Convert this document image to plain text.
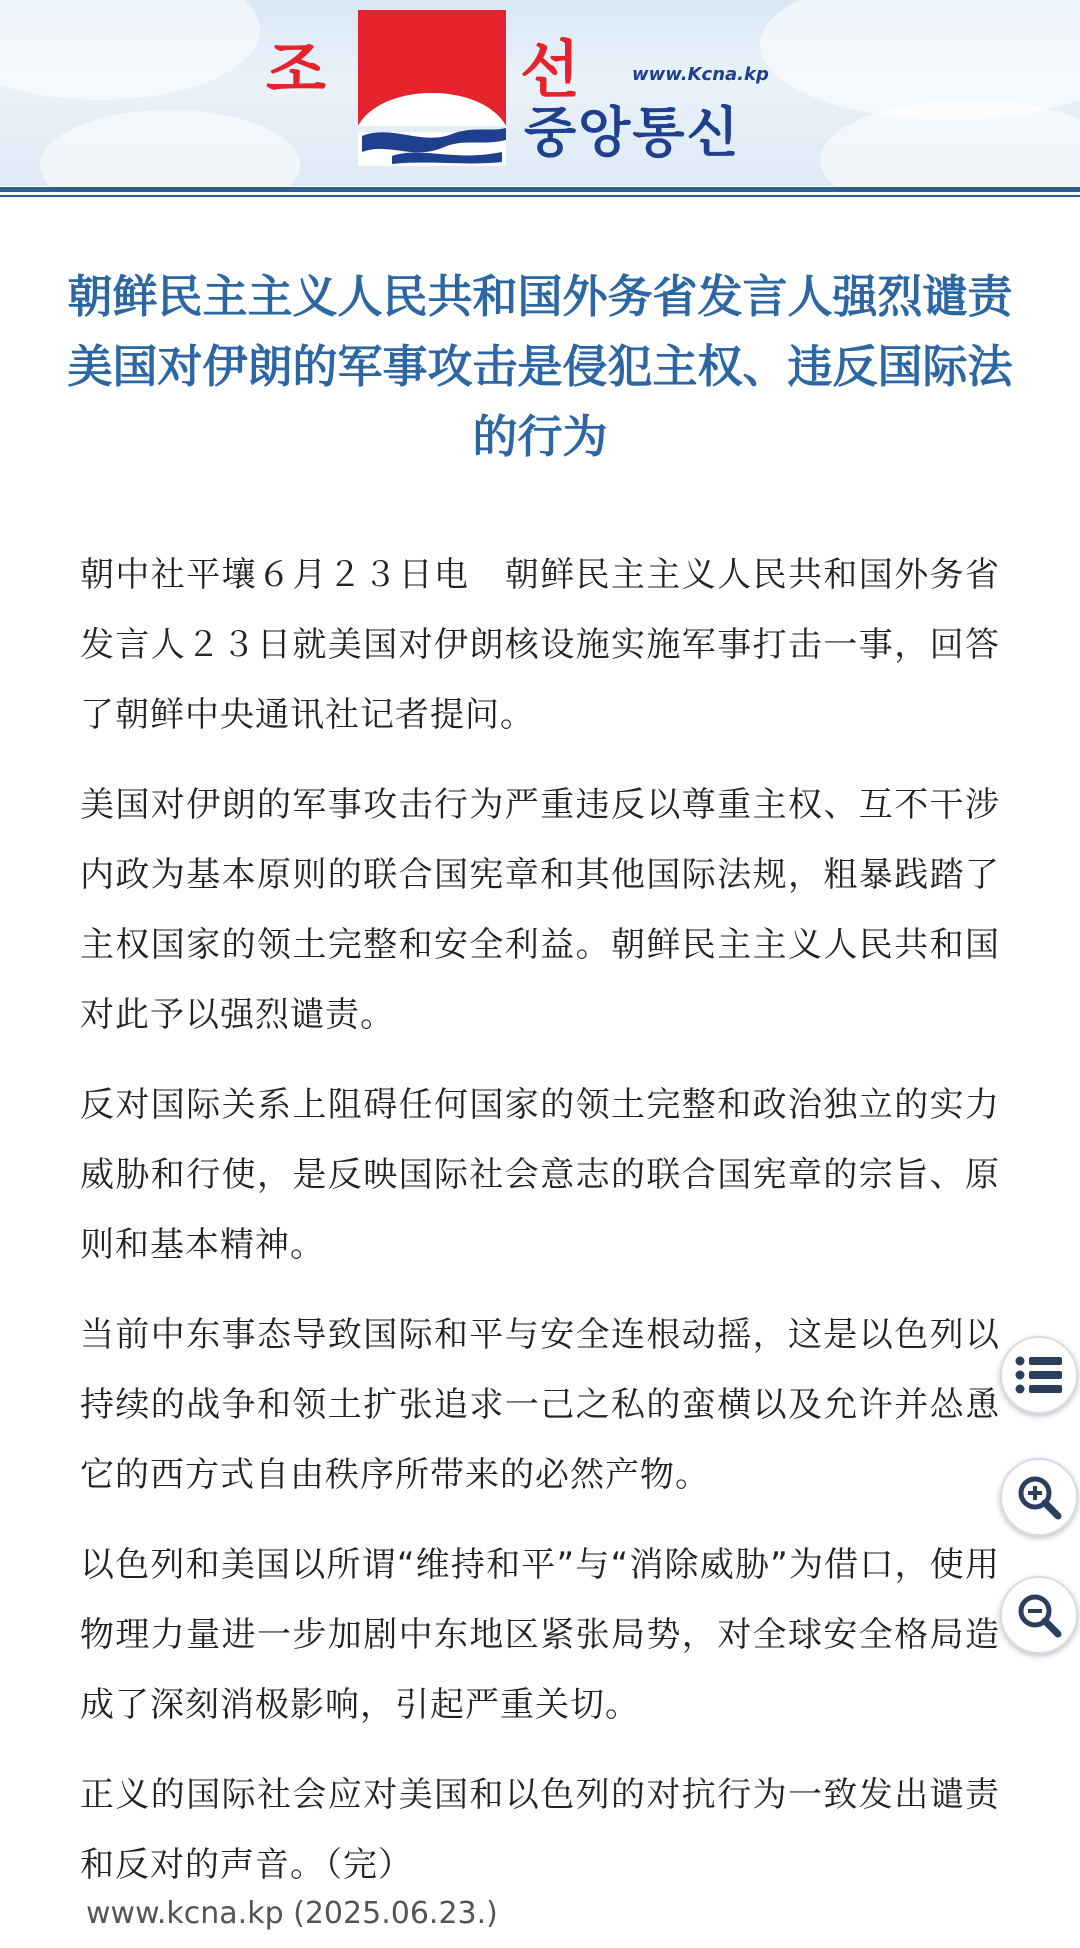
조	선	www.Kcna.kp
중앙통신
朝鲜民主主义人民共和国外务省发言人强烈谴责美国对伊朗的军事攻击是侵犯主权、违反国际法的行为

朝中社平壤６月２３日电　朝鲜民主主义人民共和国外务省发言人２３日就美国对伊朗核设施实施军事打击一事，回答了朝鲜中央通讯社记者提问。

美国对伊朗的军事攻击行为严重违反以尊重主权、互不干涉内政为基本原则的联合国宪章和其他国际法规，粗暴践踏了主权国家的领土完整和安全利益。朝鲜民主主义人民共和国对此予以强烈谴责。

反对国际关系上阻碍任何国家的领土完整和政治独立的实力威胁和行使，是反映国际社会意志的联合国宪章的宗旨、原则和基本精神。

当前中东事态导致国际和平与安全连根动摇，这是以色列以持续的战争和领土扩张追求一己之私的蛮横以及允许并怂恿它的西方式自由秩序所带来的必然产物。

以色列和美国以所谓“维持和平”与“消除威胁”为借口，使用物理力量进一步加剧中东地区紧张局势，对全球安全格局造成了深刻消极影响，引起严重关切。

正义的国际社会应对美国和以色列的对抗行为一致发出谴责和反对的声音。（完）

www.kcna.kp (2025.06.23.)
